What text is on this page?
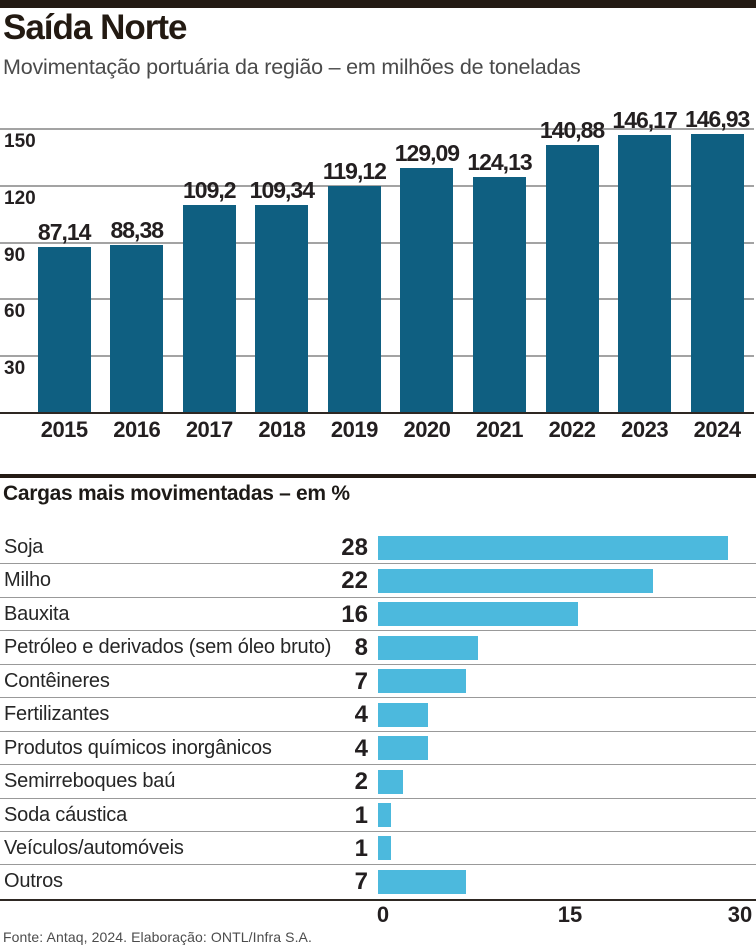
Saída Norte
Movimentação portuária da região – em milhões de toneladas
30
60
90
120
150
87,14
2015
88,38
2016
109,2
2017
109,34
2018
119,12
2019
129,09
2020
124,13
2021
140,88
2022
146,17
2023
146,93
2024
Cargas mais movimentadas – em %
Soja	28
Milho	22
Bauxita	16
Petróleo e derivados (sem óleo bruto) 8
Contêineres	7
Fertilizantes	4
Produtos químicos inorgânicos	4
Semirreboques baú	2
Soda cáustica	1
Veículos/automóveis	1
Outros	7
0	15	30
Fonte: Antaq, 2024. Elaboração: ONTL/Infra S.A.
